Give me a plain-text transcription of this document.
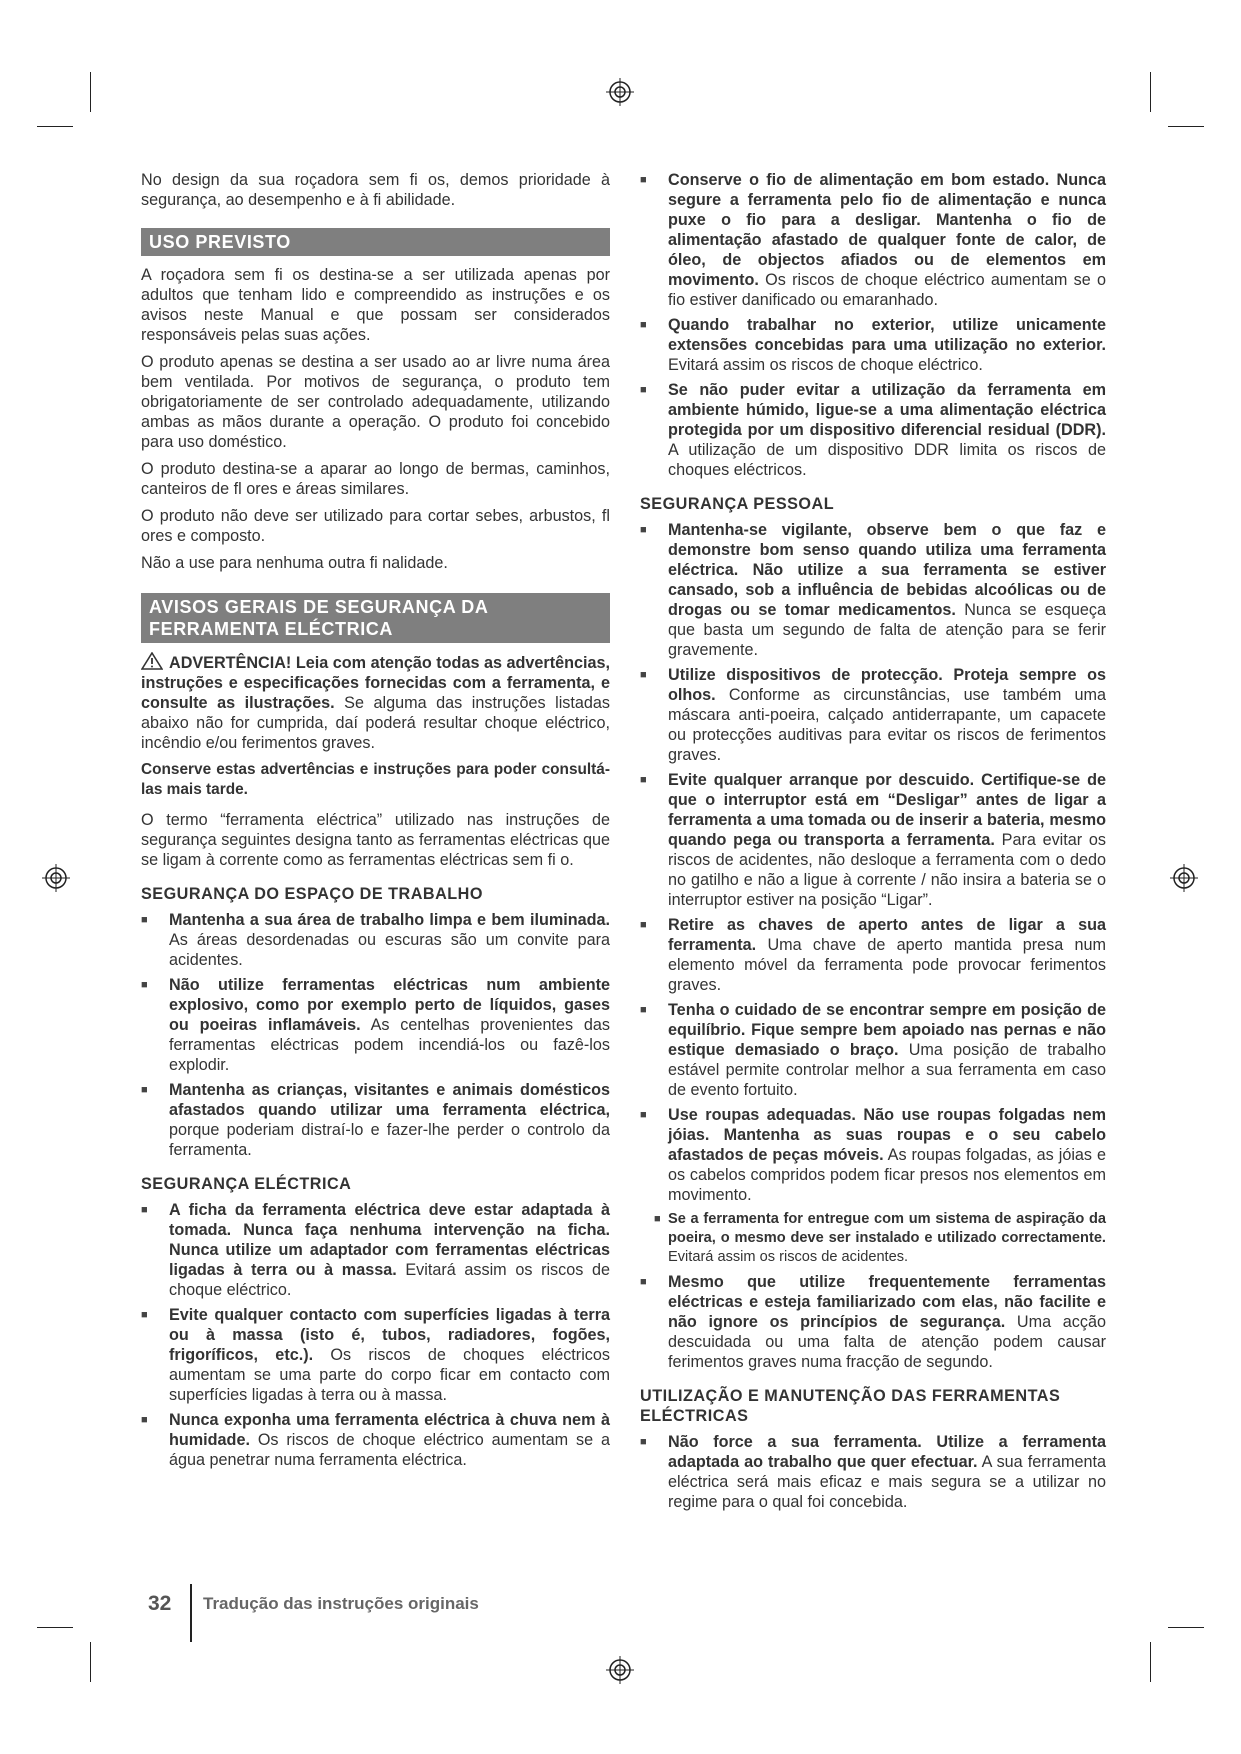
No design da sua roçadora sem fi os, demos prioridade à segurança, ao desempenho e à fi abilidade.

USO PREVISTO

A roçadora sem fi os destina-se a ser utilizada apenas por adultos que tenham lido e compreendido as instruções e os avisos neste Manual e que possam ser considerados responsáveis pelas suas ações.

O produto apenas se destina a ser usado ao ar livre numa área bem ventilada. Por motivos de segurança, o produto tem obrigatoriamente de ser controlado adequadamente, utilizando ambas as mãos durante a operação. O produto foi concebido para uso doméstico.

O produto destina-se a aparar ao longo de bermas, caminhos, canteiros de fl ores e áreas similares.

O produto não deve ser utilizado para cortar sebes, arbustos, fl ores e composto.

Não a use para nenhuma outra fi nalidade.

AVISOS GERAIS DE SEGURANÇA DA FERRAMENTA ELÉCTRICA

ADVERTÊNCIA! Leia com atenção todas as advertências, instruções e especificações fornecidas com a ferramenta, e consulte as ilustrações. Se alguma das instruções listadas abaixo não for cumprida, daí poderá resultar choque eléctrico, incêndio e/ou ferimentos graves.

Conserve estas advertências e instruções para poder consultá-las mais tarde.

O termo “ferramenta eléctrica” utilizado nas instruções de segurança seguintes designa tanto as ferramentas eléctricas que se ligam à corrente como as ferramentas eléctricas sem fi o.

SEGURANÇA DO ESPAÇO DE TRABALHO
■ Mantenha a sua área de trabalho limpa e bem iluminada. As áreas desordenadas ou escuras são um convite para acidentes.
■ Não utilize ferramentas eléctricas num ambiente explosivo, como por exemplo perto de líquidos, gases ou poeiras inflamáveis. As centelhas provenientes das ferramentas eléctricas podem incendiá-los ou fazê-los explodir.
■ Mantenha as crianças, visitantes e animais domésticos afastados quando utilizar uma ferramenta eléctrica, porque poderiam distraí-lo e fazer-lhe perder o controlo da ferramenta.
SEGURANÇA ELÉCTRICA
■ A ficha da ferramenta eléctrica deve estar adaptada à tomada. Nunca faça nenhuma intervenção na ficha. Nunca utilize um adaptador com ferramentas eléctricas ligadas à terra ou à massa. Evitará assim os riscos de choque eléctrico.
■ Evite qualquer contacto com superfícies ligadas à terra ou à massa (isto é, tubos, radiadores, fogões, frigoríficos, etc.). Os riscos de choques eléctricos aumentam se uma parte do corpo ficar em contacto com superfícies ligadas à terra ou à massa.
■ Nunca exponha uma ferramenta eléctrica à chuva nem à humidade. Os riscos de choque eléctrico aumentam se a água penetrar numa ferramenta eléctrica.
■ Conserve o fio de alimentação em bom estado. Nunca segure a ferramenta pelo fio de alimentação e nunca puxe o fio para a desligar. Mantenha o fio de alimentação afastado de qualquer fonte de calor, de óleo, de objectos afiados ou de elementos em movimento. Os riscos de choque eléctrico aumentam se o fio estiver danificado ou emaranhado.
■ Quando trabalhar no exterior, utilize unicamente extensões concebidas para uma utilização no exterior. Evitará assim os riscos de choque eléctrico.
■ Se não puder evitar a utilização da ferramenta em ambiente húmido, ligue-se a uma alimentação eléctrica protegida por um dispositivo diferencial residual (DDR). A utilização de um dispositivo DDR limita os riscos de choques eléctricos.
SEGURANÇA PESSOAL
■ Mantenha-se vigilante, observe bem o que faz e demonstre bom senso quando utiliza uma ferramenta eléctrica. Não utilize a sua ferramenta se estiver cansado, sob a influência de bebidas alcoólicas ou de drogas ou se tomar medicamentos. Nunca se esqueça que basta um segundo de falta de atenção para se ferir gravemente.
■ Utilize dispositivos de protecção. Proteja sempre os olhos. Conforme as circunstâncias, use também uma máscara anti-poeira, calçado antiderrapante, um capacete ou protecções auditivas para evitar os riscos de ferimentos graves.
■ Evite qualquer arranque por descuido. Certifique-se de que o interruptor está em “Desligar” antes de ligar a ferramenta a uma tomada ou de inserir a bateria, mesmo quando pega ou transporta a ferramenta. Para evitar os riscos de acidentes, não desloque a ferramenta com o dedo no gatilho e não a ligue à corrente / não insira a bateria se o interruptor estiver na posição “Ligar”.
■ Retire as chaves de aperto antes de ligar a sua ferramenta. Uma chave de aperto mantida presa num elemento móvel da ferramenta pode provocar ferimentos graves.
■ Tenha o cuidado de se encontrar sempre em posição de equilíbrio. Fique sempre bem apoiado nas pernas e não estique demasiado o braço. Uma posição de trabalho estável permite controlar melhor a sua ferramenta em caso de evento fortuito.
■ Use roupas adequadas. Não use roupas folgadas nem jóias. Mantenha as suas roupas e o seu cabelo afastados de peças móveis. As roupas folgadas, as jóias e os cabelos compridos podem ficar presos nos elementos em movimento.
■ Se a ferramenta for entregue com um sistema de aspiração da poeira, o mesmo deve ser instalado e utilizado correctamente. Evitará assim os riscos de acidentes.
■ Mesmo que utilize frequentemente ferramentas eléctricas e esteja familiarizado com elas, não facilite e não ignore os princípios de segurança. Uma acção descuidada ou uma falta de atenção podem causar ferimentos graves numa fracção de segundo.
UTILIZAÇÃO E MANUTENÇÃO DAS FERRAMENTAS ELÉCTRICAS
■ Não force a sua ferramenta. Utilize a ferramenta adaptada ao trabalho que quer efectuar. A sua ferramenta eléctrica será mais eficaz e mais segura se a utilizar no regime para o qual foi concebida.
32 Tradução das instruções originais
